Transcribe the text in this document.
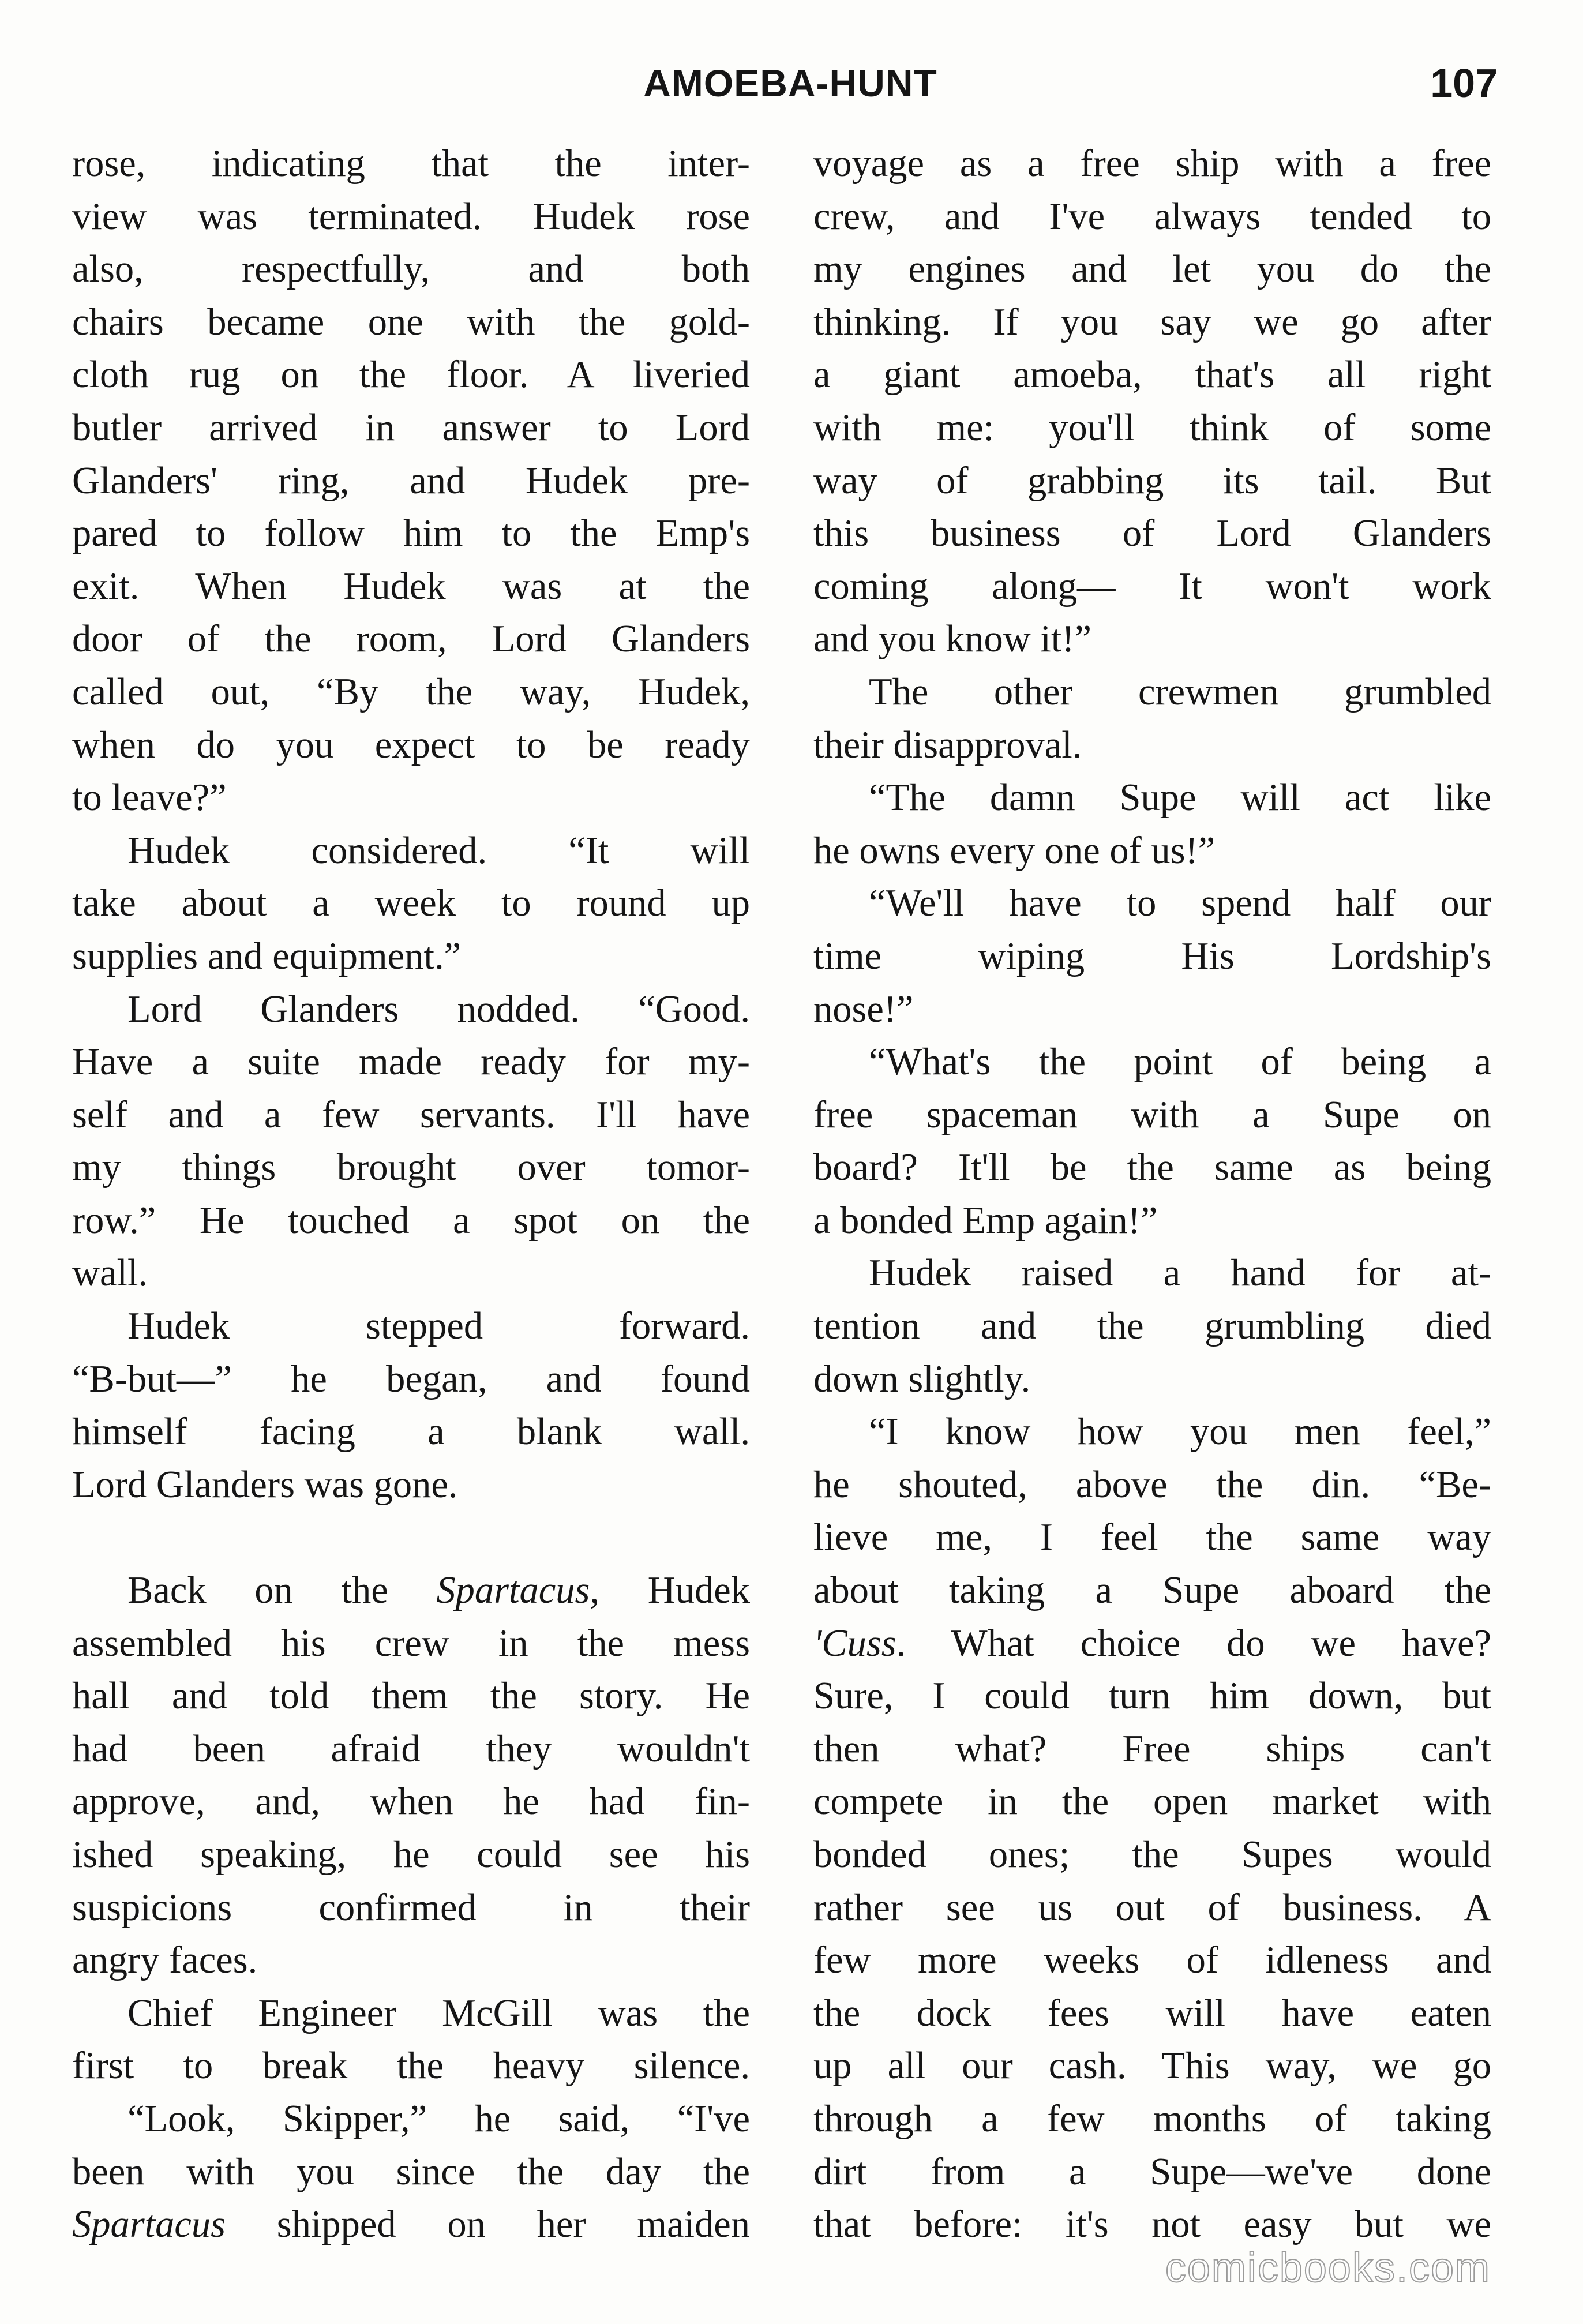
AMOEBA-HUNT	107
rose, indicating that the inter-
view was terminated. Hudek rose
also, respectfully, and both
chairs became one with the gold-
cloth rug on the floor. A liveried
butler arrived in answer to Lord
Glanders' ring, and Hudek pre-
pared to follow him to the Emp's
exit. When Hudek was at the
door of the room, Lord Glanders
called out, “By the way, Hudek,
when do you expect to be ready
to leave?”
Hudek considered. “It will
take about a week to round up
supplies and equipment.”
Lord Glanders nodded. “Good.
Have a suite made ready for my-
self and a few servants. I'll have
my things brought over tomor-
row.” He touched a spot on the
wall.
Hudek stepped forward.
“B-but—” he began, and found
himself facing a blank wall.
Lord Glanders was gone.
Back on the Spartacus, Hudek
assembled his crew in the mess
hall and told them the story. He
had been afraid they wouldn't
approve, and, when he had fin-
ished speaking, he could see his
suspicions confirmed in their
angry faces.
Chief Engineer McGill was the
first to break the heavy silence.
“Look, Skipper,” he said, “I've
been with you since the day the
Spartacus shipped on her maiden
voyage as a free ship with a free
crew, and I've always tended to
my engines and let you do the
thinking. If you say we go after
a giant amoeba, that's all right
with me: you'll think of some
way of grabbing its tail. But
this business of Lord Glanders
coming along— It won't work
and you know it!”
The other crewmen grumbled
their disapproval.
“The damn Supe will act like
he owns every one of us!”
“We'll have to spend half our
time wiping His Lordship's
nose!”
“What's the point of being a
free spaceman with a Supe on
board? It'll be the same as being
a bonded Emp again!”
Hudek raised a hand for at-
tention and the grumbling died
down slightly.
“I know how you men feel,”
he shouted, above the din. “Be-
lieve me, I feel the same way
about taking a Supe aboard the
'Cuss. What choice do we have?
Sure, I could turn him down, but
then what? Free ships can't
compete in the open market with
bonded ones; the Supes would
rather see us out of business. A
few more weeks of idleness and
the dock fees will have eaten
up all our cash. This way, we go
through a few months of taking
dirt from a Supe—we've done
that before: it's not easy but we
comicbooks.com
